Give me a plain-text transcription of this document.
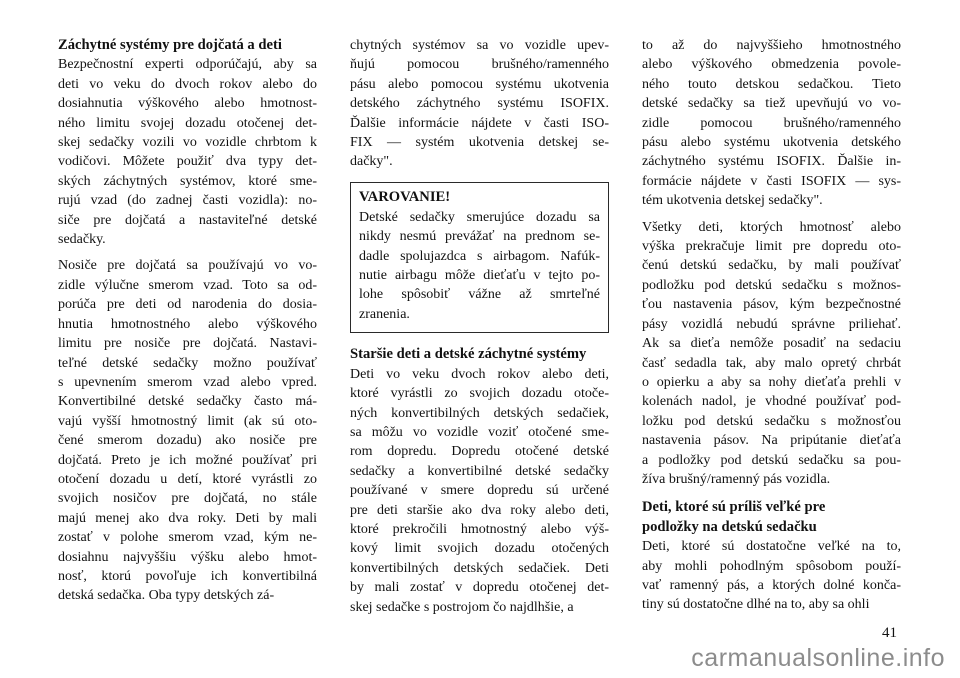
Záchytné systémy pre dojčatá a deti
Bezpečnostní experti odporúčajú, aby sa
deti vo veku do dvoch rokov alebo do
dosiahnutia výškového alebo hmotnost-
ného limitu svojej dozadu otočenej det-
skej sedačky vozili vo vozidle chrbtom k
vodičovi. Môžete použiť dva typy det-
ských záchytných systémov, ktoré sme-
rujú vzad (do zadnej časti vozidla): no-
siče pre dojčatá a nastaviteľné detské
sedačky.
Nosiče pre dojčatá sa používajú vo vo-
zidle výlučne smerom vzad. Toto sa od-
porúča pre deti od narodenia do dosia-
hnutia hmotnostného alebo výškového
limitu pre nosiče pre dojčatá. Nastavi-
teľné detské sedačky možno používať
s upevnením smerom vzad alebo vpred.
Konvertibilné detské sedačky často má-
vajú vyšší hmotnostný limit (ak sú oto-
čené smerom dozadu) ako nosiče pre
dojčatá. Preto je ich možné používať pri
otočení dozadu u detí, ktoré vyrástli zo
svojich nosičov pre dojčatá, no stále
majú menej ako dva roky. Deti by mali
zostať v polohe smerom vzad, kým ne-
dosiahnu najvyššiu výšku alebo hmot-
nosť, ktorú povoľuje ich konvertibilná
detská sedačka. Oba typy detských zá-
chytných systémov sa vo vozidle upev-
ňujú pomocou brušného/ramenného
pásu alebo pomocou systému ukotvenia
detského záchytného systému ISOFIX.
Ďalšie informácie nájdete v časti ISO-
FIX — systém ukotvenia detskej se-
dačky".
VAROVANIE!
Detské sedačky smerujúce dozadu sa
nikdy nesmú prevážať na prednom se-
dadle spolujazdca s airbagom. Nafúk-
nutie airbagu môže dieťaťu v tejto po-
lohe spôsobiť vážne až smrteľné
zranenia.
Staršie deti a detské záchytné systémy
Deti vo veku dvoch rokov alebo deti,
ktoré vyrástli zo svojich dozadu otoče-
ných konvertibilných detských sedačiek,
sa môžu vo vozidle voziť otočené sme-
rom dopredu. Dopredu otočené detské
sedačky a konvertibilné detské sedačky
používané v smere dopredu sú určené
pre deti staršie ako dva roky alebo deti,
ktoré prekročili hmotnostný alebo výš-
kový limit svojich dozadu otočených
konvertibilných detských sedačiek. Deti
by mali zostať v dopredu otočenej det-
skej sedačke s postrojom čo najdlhšie, a
to až do najvyššieho hmotnostného
alebo výškového obmedzenia povole-
ného touto detskou sedačkou. Tieto
detské sedačky sa tiež upevňujú vo vo-
zidle pomocou brušného/ramenného
pásu alebo systému ukotvenia detského
záchytného systému ISOFIX. Ďalšie in-
formácie nájdete v časti ISOFIX — sys-
tém ukotvenia detskej sedačky".
Všetky deti, ktorých hmotnosť alebo
výška prekračuje limit pre dopredu oto-
čenú detskú sedačku, by mali používať
podložku pod detskú sedačku s možnos-
ťou nastavenia pásov, kým bezpečnostné
pásy vozidlá nebudú správne priliehať.
Ak sa dieťa nemôže posadiť na sedaciu
časť sedadla tak, aby malo opretý chrbát
o opierku a aby sa nohy dieťaťa prehli v
kolenách nadol, je vhodné používať pod-
ložku pod detskú sedačku s možnosťou
nastavenia pásov. Na pripútanie dieťaťa
a podložky pod detskú sedačku sa pou-
žíva brušný/ramenný pás vozidla.
Deti, ktoré sú príliš veľké pre
podložky na detskú sedačku
Deti, ktoré sú dostatočne veľké na to,
aby mohli pohodlným spôsobom použí-
vať ramenný pás, a ktorých dolné konča-
tiny sú dostatočne dlhé na to, aby sa ohli
41
carmanualsonline.info
